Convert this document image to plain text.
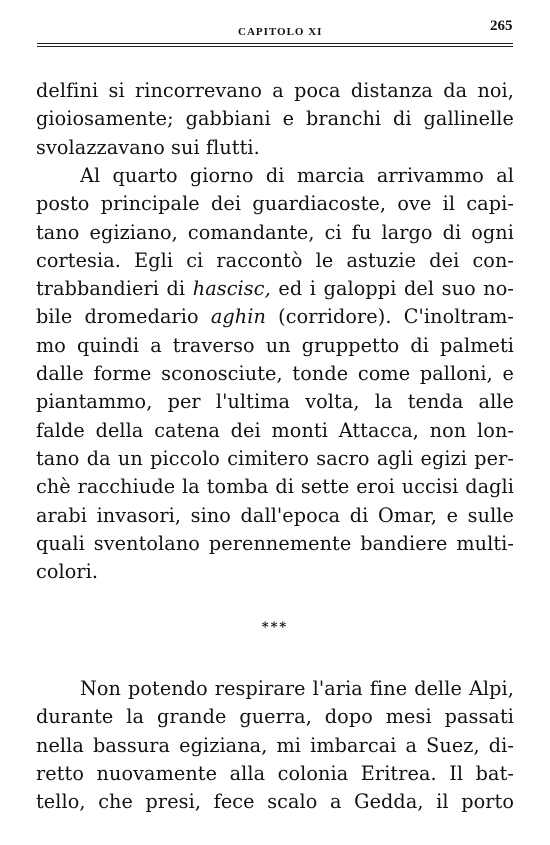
CAPITOLO XI	265
delfini si rincorrevano a poca distanza da noi,
gioiosamente; gabbiani e branchi di gallinelle
svolazzavano sui flutti.
Al quarto giorno di marcia arrivammo al
posto principale dei guardiacoste, ove il capi-
tano egiziano, comandante, ci fu largo di ogni
cortesia. Egli ci raccontò le astuzie dei con-
trabbandieri di hascisc, ed i galoppi del suo no-
bile dromedario aghin (corridore). C'inoltram-
mo quindi a traverso un gruppetto di palmeti
dalle forme sconosciute, tonde come palloni, e
piantammo, per l'ultima volta, la tenda alle
falde della catena dei monti Attacca, non lon-
tano da un piccolo cimitero sacro agli egizi per-
chè racchiude la tomba di sette eroi uccisi dagli
arabi invasori, sino dall'epoca di Omar, e sulle
quali sventolano perennemente bandiere multi-
colori.
***
Non potendo respirare l'aria fine delle Alpi,
durante la grande guerra, dopo mesi passati
nella bassura egiziana, mi imbarcai a Suez, di-
retto nuovamente alla colonia Eritrea. Il bat-
tello, che presi, fece scalo a Gedda, il porto
